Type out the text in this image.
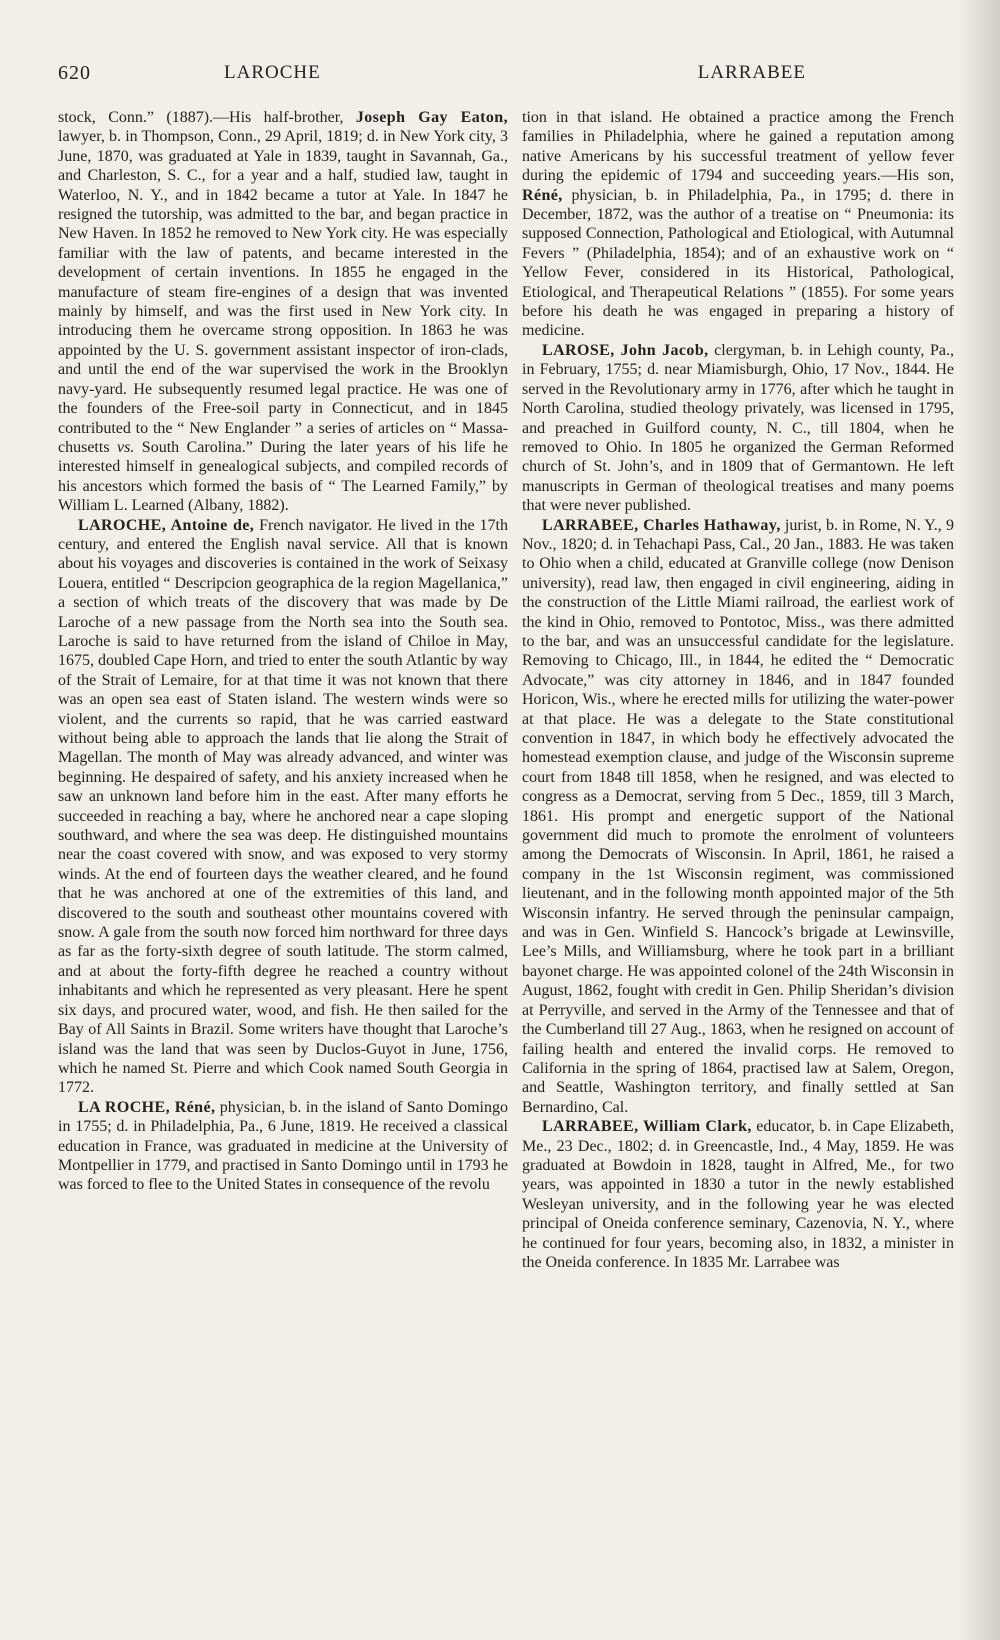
620	LAROCHE	LARRABEE

stock, Conn.” (1887).—His half-brother, Joseph Gay Eaton, lawyer, b. in Thompson, Conn., 29 April, 1819; d. in New York city, 3 June, 1870, was graduated at Yale in 1839, taught in Savannah, Ga., and Charleston, S. C., for a year and a half, studied law, taught in Waterloo, N. Y., and in 1842 became a tutor at Yale. In 1847 he resigned the tutorship, was admitted to the bar, and began practice in New Haven. In 1852 he removed to New York city. He was especially familiar with the law of patents, and became interested in the development of certain inventions. In 1855 he engaged in the manufacture of steam fire-engines of a design that was invented mainly by himself, and was the first used in New York city. In introducing them he overcame strong opposition. In 1863 he was appointed by the U. S. government assistant inspector of iron-clads, and until the end of the war supervised the work in the Brooklyn navy-yard. He subsequently resumed legal practice. He was one of the founders of the Free-soil party in Connecticut, and in 1845 contributed to the “ New Englander ” a series of articles on “ Massachusetts vs. South Carolina.” During the later years of his life he interested himself in genealogical subjects, and compiled records of his ancestors which formed the basis of “ The Learned Family,” by William L. Learned (Albany, 1882).

LAROCHE, Antoine de, French navigator. He lived in the 17th century, and entered the English naval service. All that is known about his voyages and discoveries is contained in the work of Seixasy Louera, entitled “ Descripcion geographica de la region Magellanica,” a section of which treats of the discovery that was made by De Laroche of a new passage from the North sea into the South sea. Laroche is said to have returned from the island of Chiloe in May, 1675, doubled Cape Horn, and tried to enter the south Atlantic by way of the Strait of Lemaire, for at that time it was not known that there was an open sea east of Staten island. The western winds were so violent, and the currents so rapid, that he was carried eastward without being able to approach the lands that lie along the Strait of Magellan. The month of May was already advanced, and winter was beginning. He despaired of safety, and his anxiety increased when he saw an unknown land before him in the east. After many efforts he succeeded in reaching a bay, where he anchored near a cape sloping southward, and where the sea was deep. He distinguished mountains near the coast covered with snow, and was exposed to very stormy winds. At the end of fourteen days the weather cleared, and he found that he was anchored at one of the extremities of this land, and discovered to the south and southeast other mountains covered with snow. A gale from the south now forced him northward for three days as far as the forty-sixth degree of south latitude. The storm calmed, and at about the forty-fifth degree he reached a country without inhabitants and which he represented as very pleasant. Here he spent six days, and procured water, wood, and fish. He then sailed for the Bay of All Saints in Brazil. Some writers have thought that Laroche’s island was the land that was seen by Duclos-Guyot in June, 1756, which he named St. Pierre and which Cook named South Georgia in 1772.

LA ROCHE, Réné, physician, b. in the island of Santo Domingo in 1755; d. in Philadelphia, Pa., 6 June, 1819. He received a classical education in France, was graduated in medicine at the University of Montpellier in 1779, and practised in Santo Domingo until in 1793 he was forced to flee to the United States in consequence of the revolu

tion in that island. He obtained a practice among the French families in Philadelphia, where he gained a reputation among native Americans by his successful treatment of yellow fever during the epidemic of 1794 and succeeding years.—His son, Réné, physician, b. in Philadelphia, Pa., in 1795; d. there in December, 1872, was the author of a treatise on “ Pneumonia: its supposed Connection, Pathological and Etiological, with Autumnal Fevers ” (Philadelphia, 1854); and of an exhaustive work on “ Yellow Fever, considered in its Historical, Pathological, Etiological, and Therapeutical Relations ” (1855). For some years before his death he was engaged in preparing a history of medicine.

LAROSE, John Jacob, clergyman, b. in Lehigh county, Pa., in February, 1755; d. near Miamisburgh, Ohio, 17 Nov., 1844. He served in the Revolutionary army in 1776, after which he taught in North Carolina, studied theology privately, was licensed in 1795, and preached in Guilford county, N. C., till 1804, when he removed to Ohio. In 1805 he organized the German Reformed church of St. John’s, and in 1809 that of Germantown. He left manuscripts in German of theological treatises and many poems that were never published.

LARRABEE, Charles Hathaway, jurist, b. in Rome, N. Y., 9 Nov., 1820; d. in Tehachapi Pass, Cal., 20 Jan., 1883. He was taken to Ohio when a child, educated at Granville college (now Denison university), read law, then engaged in civil engineering, aiding in the construction of the Little Miami railroad, the earliest work of the kind in Ohio, removed to Pontotoc, Miss., was there admitted to the bar, and was an unsuccessful candidate for the legislature. Removing to Chicago, Ill., in 1844, he edited the “ Democratic Advocate,” was city attorney in 1846, and in 1847 founded Horicon, Wis., where he erected mills for utilizing the water-power at that place. He was a delegate to the State constitutional convention in 1847, in which body he effectively advocated the homestead exemption clause, and judge of the Wisconsin supreme court from 1848 till 1858, when he resigned, and was elected to congress as a Democrat, serving from 5 Dec., 1859, till 3 March, 1861. His prompt and energetic support of the National government did much to promote the enrolment of volunteers among the Democrats of Wisconsin. In April, 1861, he raised a company in the 1st Wisconsin regiment, was commissioned lieutenant, and in the following month appointed major of the 5th Wisconsin infantry. He served through the peninsular campaign, and was in Gen. Winfield S. Hancock’s brigade at Lewinsville, Lee’s Mills, and Williamsburg, where he took part in a brilliant bayonet charge. He was appointed colonel of the 24th Wisconsin in August, 1862, fought with credit in Gen. Philip Sheridan’s division at Perryville, and served in the Army of the Tennessee and that of the Cumberland till 27 Aug., 1863, when he resigned on account of failing health and entered the invalid corps. He removed to California in the spring of 1864, practised law at Salem, Oregon, and Seattle, Washington territory, and finally settled at San Bernardino, Cal.

LARRABEE, William Clark, educator, b. in Cape Elizabeth, Me., 23 Dec., 1802; d. in Greencastle, Ind., 4 May, 1859. He was graduated at Bowdoin in 1828, taught in Alfred, Me., for two years, was appointed in 1830 a tutor in the newly established Wesleyan university, and in the following year he was elected principal of Oneida conference seminary, Cazenovia, N. Y., where he continued for four years, becoming also, in 1832, a minister in the Oneida conference. In 1835 Mr. Larrabee was
